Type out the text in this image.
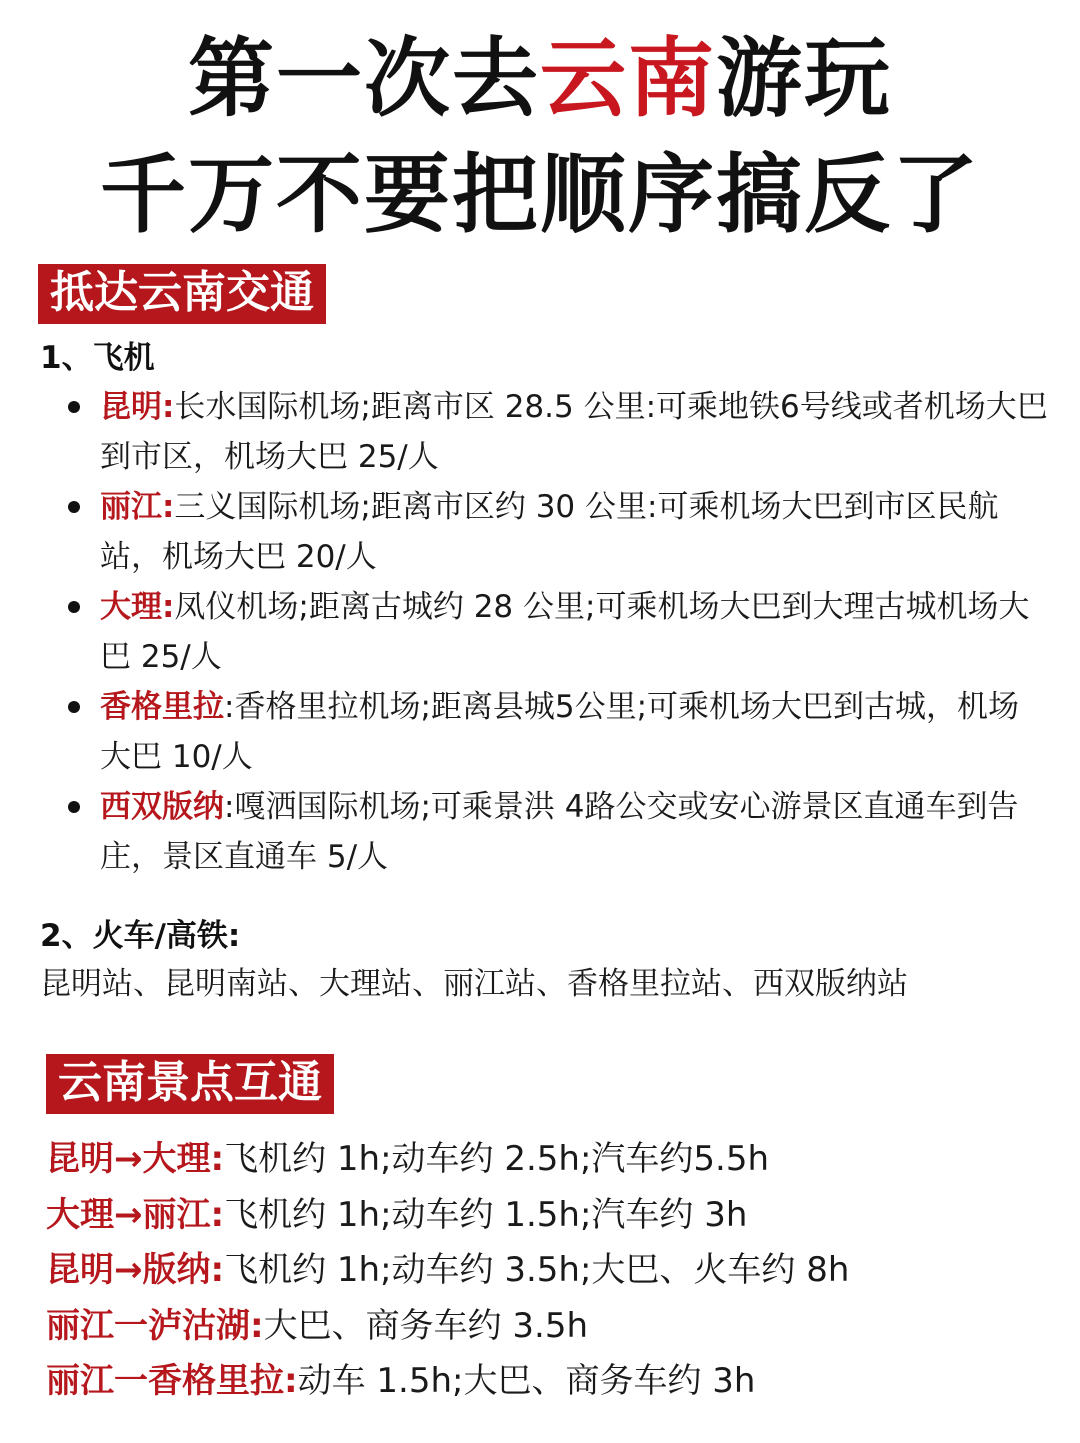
第一次去云南游玩
千万不要把顺序搞反了
抵达云南交通
1、飞机
昆明:长水国际机场;距离市区 28.5 公里:可乘地铁6号线或者机场大巴到市区，机场大巴 25/人
丽江:三义国际机场;距离市区约 30 公里:可乘机场大巴到市区民航站，机场大巴 20/人
大理:凤仪机场;距离古城约 28 公里;可乘机场大巴到大理古城机场大巴 25/人
香格里拉:香格里拉机场;距离县城5公里;可乘机场大巴到古城，机场大巴 10/人
西双版纳:嘎洒国际机场;可乘景洪 4路公交或安心游景区直通车到告庄，景区直通车 5/人
2、火车/高铁:
昆明站、昆明南站、大理站、丽江站、香格里拉站、西双版纳站
云南景点互通
昆明→大理:飞机约 1h;动车约 2.5h;汽车约5.5h
大理→丽江:飞机约 1h;动车约 1.5h;汽车约 3h
昆明→版纳:飞机约 1h;动车约 3.5h;大巴、火车约 8h
丽江一泸沽湖:大巴、商务车约 3.5h
丽江一香格里拉:动车 1.5h;大巴、商务车约 3h
